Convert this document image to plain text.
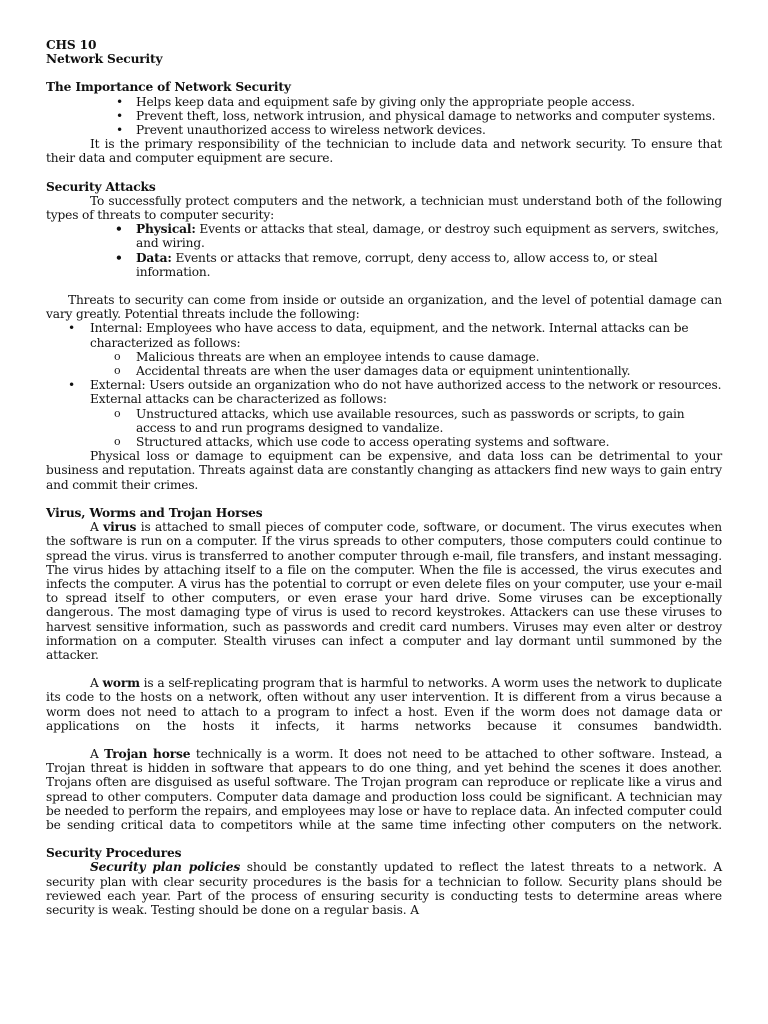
CHS 10
Network Security
The Importance of Network Security
• Helps keep data and equipment safe by giving only the appropriate people access.
• Prevent theft, loss, network intrusion, and physical damage to networks and computer systems.
• Prevent unauthorized access to wireless network devices.

It is the primary responsibility of the technician to include data and network security. To ensure that their data and computer equipment are secure.

Security Attacks

To successfully protect computers and the network, a technician must understand both of the following types of threats to computer security:

• Physical: Events or attacks that steal, damage, or destroy such equipment as servers, switches, and wiring.
• Data: Events or attacks that remove, corrupt, deny access to, allow access to, or steal information.

Threats to security can come from inside or outside an organization, and the level of potential damage can vary greatly. Potential threats include the following:

• Internal: Employees who have access to data, equipment, and the network. Internal attacks can be characterized as follows:
o Malicious threats are when an employee intends to cause damage.
o Accidental threats are when the user damages data or equipment unintentionally.
• External: Users outside an organization who do not have authorized access to the network or resources. External attacks can be characterized as follows:
o Unstructured attacks, which use available resources, such as passwords or scripts, to gain access to and run programs designed to vandalize.
o Structured attacks, which use code to access operating systems and software.

Physical loss or damage to equipment can be expensive, and data loss can be detrimental to your business and reputation. Threats against data are constantly changing as attackers find new ways to gain entry and commit their crimes.

Virus, Worms and Trojan Horses

A virus is attached to small pieces of computer code, software, or document. The virus executes when the software is run on a computer. If the virus spreads to other computers, those computers could continue to spread the virus. virus is transferred to another computer through e-mail, file transfers, and instant messaging. The virus hides by attaching itself to a file on the computer. When the file is accessed, the virus executes and infects the computer. A virus has the potential to corrupt or even delete files on your computer, use your e-mail to spread itself to other computers, or even erase your hard drive. Some viruses can be exceptionally dangerous. The most damaging type of virus is used to record keystrokes. Attackers can use these viruses to harvest sensitive information, such as passwords and credit card numbers. Viruses may even alter or destroy information on a computer. Stealth viruses can infect a computer and lay dormant until summoned by the attacker.

A worm is a self-replicating program that is harmful to networks. A worm uses the network to duplicate its code to the hosts on a network, often without any user intervention. It is different from a virus because a worm does not need to attach to a program to infect a host. Even if the worm does not damage data or applications on the hosts it infects, it harms networks because it consumes bandwidth.

A Trojan horse technically is a worm. It does not need to be attached to other software. Instead, a Trojan threat is hidden in software that appears to do one thing, and yet behind the scenes it does another. Trojans often are disguised as useful software. The Trojan program can reproduce or replicate like a virus and spread to other computers. Computer data damage and production loss could be significant. A technician may be needed to perform the repairs, and employees may lose or have to replace data. An infected computer could be sending critical data to competitors while at the same time infecting other computers on the network.

Security Procedures

Security plan policies should be constantly updated to reflect the latest threats to a network. A security plan with clear security procedures is the basis for a technician to follow. Security plans should be reviewed each year. Part of the process of ensuring security is conducting tests to determine areas where security is weak. Testing should be done on a regular basis. A
